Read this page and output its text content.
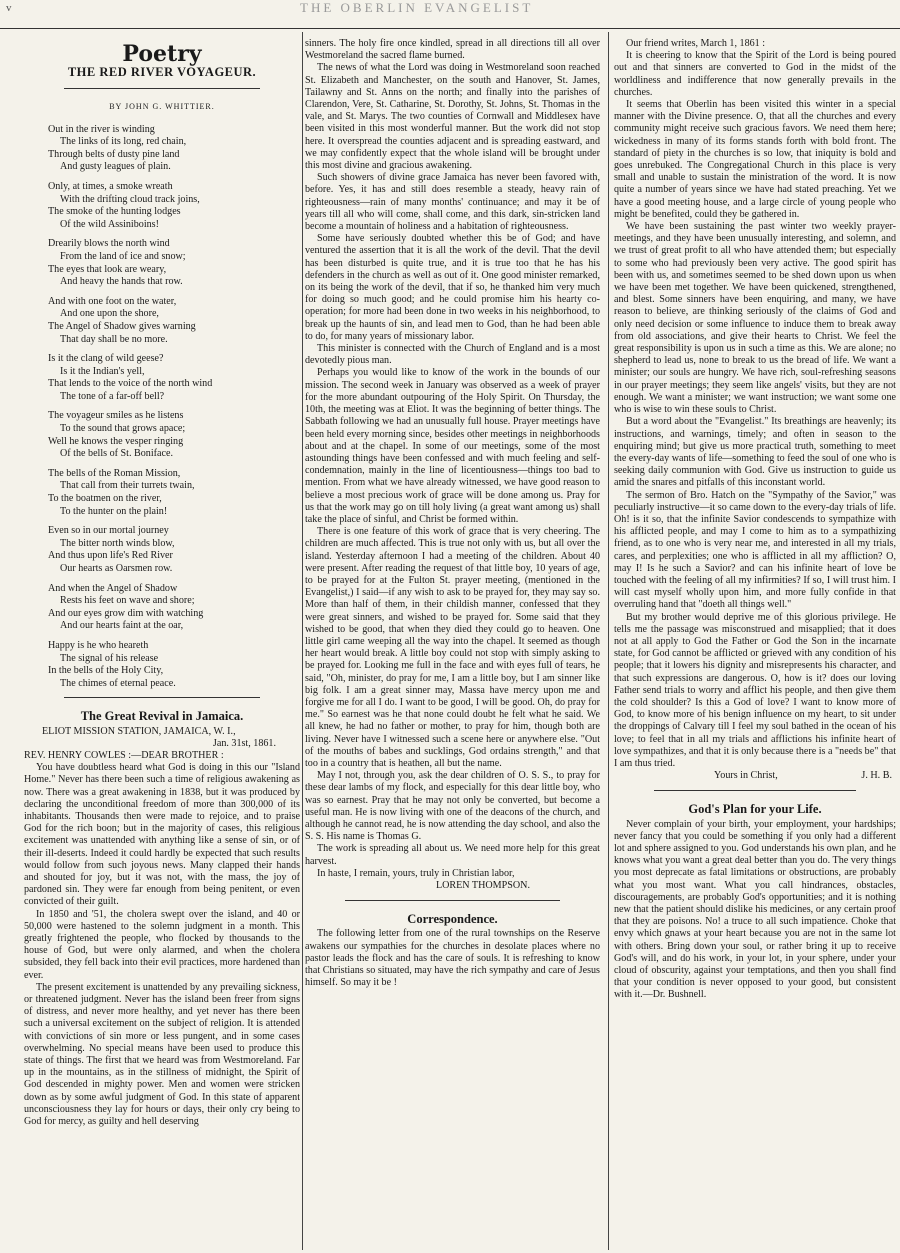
v	THE OBERLIN EVANGELIST
Poetry
THE RED RIVER VOYAGEUR.
BY JOHN G. WHITTIER.
Out in the river is winding
The links of its long, red chain,
Through belts of dusty pine land
And gusty leagues of plain.
Only, at times, a smoke wreath
With the drifting cloud track joins,
The smoke of the hunting lodges
Of the wild Assiniboins!
Drearily blows the north wind
From the land of ice and snow;
The eyes that look are weary,
And heavy the hands that row.
And with one foot on the water,
And one upon the shore,
The Angel of Shadow gives warning
That day shall be no more.
Is it the clang of wild geese?
Is it the Indian's yell,
That lends to the voice of the north wind
The tone of a far-off bell?
The voyageur smiles as he listens
To the sound that grows apace;
Well he knows the vesper ringing
Of the bells of St. Boniface.
The bells of the Roman Mission,
That call from their turrets twain,
To the boatmen on the river,
To the hunter on the plain!
Even so in our mortal journey
The bitter north winds blow,
And thus upon life's Red River
Our hearts as Oarsmen row.
And when the Angel of Shadow
Rests his feet on wave and shore;
And our eyes grow dim with watching
And our hearts faint at the oar,
Happy is he who heareth
The signal of his release
In the bells of the Holy City,
The chimes of eternal peace.
The Great Revival in Jamaica.
ELIOT MISSION STATION, JAMAICA, W. I.,
Jan. 31st, 1861.

REV. HENRY COWLES :—DEAR BROTHER :

You have doubtless heard what God is doing in this our "Island Home." Never has there been such a time of religious awakening as now. There was a great awakening in 1838, but it was produced by declaring the unconditional freedom of more than 300,000 of its inhabitants. Thousands then were made to rejoice, and to praise God for the rich boon; but in the majority of cases, this religious excitement was unattended with anything like a sense of sin, or of their ill-deserts. Indeed it could hardly be expected that such results would follow from such joyous news. Many clapped their hands and shouted for joy, but it was not, with the mass, the joy of pardoned sin. They were far enough from being penitent, or even convicted of their guilt.

In 1850 and '51, the cholera swept over the island, and 40 or 50,000 were hastened to the solemn judgment in a month. This greatly frightened the people, who flocked by thousands to the house of God, but were only alarmed, and when the cholera subsided, they fell back into their evil practices, more hardened than ever.

The present excitement is unattended by any prevailing sickness, or threatened judgment. Never has the island been freer from signs of distress, and never more healthy, and yet never has there been such a universal excitement on the subject of religion. It is attended with convictions of sin more or less pungent, and in some cases overwhelming. No special means have been used to produce this state of things. The first that we heard was from Westmoreland. Far up in the mountains, as in the stillness of midnight, the Spirit of God descended in mighty power. Men and women were stricken down as by some awful judgment of God. In this state of apparent unconsciousness they lay for hours or days, their only cry being to God for mercy, as guilty and hell deserving

sinners. The holy fire once kindled, spread in all directions till all over Westmoreland the sacred flame burned.

The news of what the Lord was doing in Westmoreland soon reached St. Elizabeth and Manchester, on the south and Hanover, St. James, Tailawny and St. Anns on the north; and finally into the parishes of Clarendon, Vere, St. Catharine, St. Dorothy, St. Johns, St. Thomas in the vale, and St. Marys. The two counties of Cornwall and Middlesex have been visited in this most wonderful manner. But the work did not stop here. It overspread the counties adjacent and is spreading eastward, and we may confidently expect that the whole island will be brought under this most divine and gracious awakening.

Such showers of divine grace Jamaica has never been favored with, before. Yes, it has and still does resemble a steady, heavy rain of righteousness—rain of many months' continuance; and may it be of years till all who will come, shall come, and this dark, sin-stricken land become a mountain of holiness and a habitation of righteousness.

Some have seriously doubted whether this be of God; and have ventured the assertion that it is all the work of the devil. That the devil has been disturbed is quite true, and it is true too that he has his defenders in the church as well as out of it. One good minister remarked, on its being the work of the devil, that if so, he thanked him very much for doing so much good; and he could promise him his hearty co-operation; for more had been done in two weeks in his neighborhood, to break up the haunts of sin, and lead men to God, than he had been able to do, for many years of missionary labor.

This minister is connected with the Church of England and is a most devotedly pious man.

Perhaps you would like to know of the work in the bounds of our mission. The second week in January was observed as a week of prayer for the more abundant outpouring of the Holy Spirit. On Thursday, the 10th, the meeting was at Eliot. It was the beginning of better things. The Sabbath following we had an unusually full house. Prayer meetings have been held every morning since, besides other meetings in neighborhoods about and at the chapel. In some of our meetings, some of the most astounding things have been confessed and with much feeling and self-condemnation, mainly in the line of licentiousness—things too bad to mention. From what we have already witnessed, we have good reason to believe a most precious work of grace will be done among us. Pray for us that the work may go on till holy living (a great want among us) shall take the place of sinful, and Christ be formed within.

There is one feature of this work of grace that is very cheering. The children are much affected. This is true not only with us, but all over the island. Yesterday afternoon I had a meeting of the children. About 40 were present. After reading the request of that little boy, 10 years of age, to be prayed for at the Fulton St. prayer meeting, (mentioned in the Evangelist,) I said—if any wish to ask to be prayed for, they may say so. More than half of them, in their childish manner, confessed that they were great sinners, and wished to be prayed for. Some said that they wished to be good, that when they died they could go to heaven. One little girl came weeping all the way into the chapel. It seemed as though her heart would break. A little boy could not stop with simply asking to be prayed for. Looking me full in the face and with eyes full of tears, he said, "Oh, minister, do pray for me, I am a little boy, but I am sinner like big folk. I am a great sinner may, Massa have mercy upon me and forgive me for all I do. I want to be good, I will be good. Oh, do pray for me." So earnest was he that none could doubt he felt what he said. We all knew, he had no father or mother, to pray for him, though both are living. Never have I witnessed such a scene here or anywhere else. "Out of the mouths of babes and sucklings, God ordains strength," and that too in a country that is heathen, all but the name.

May I not, through you, ask the dear children of O. S. S., to pray for these dear lambs of my flock, and especially for this dear little boy, who was so earnest. Pray that he may not only be converted, but become a useful man. He is now living with one of the deacons of the church, and although he cannot read, he is now attending the day school, and also the S. S. His name is Thomas G.

The work is spreading all about us. We need more help for this great harvest.

In haste, I remain, yours, truly in Christian labor,

LOREN THOMPSON.

Correspondence.

The following letter from one of the rural townships on the Reserve awakens our sympathies for the churches in desolate places where no pastor leads the flock and has the care of souls. It is refreshing to know that Christians so situated, may have the rich sympathy and care of Jesus himself. So may it be !

Our friend writes, March 1, 1861 :

It is cheering to know that the Spirit of the Lord is being poured out and that sinners are converted to God in the midst of the worldliness and indifference that now generally prevails in the churches.

It seems that Oberlin has been visited this winter in a special manner with the Divine presence. O, that all the churches and every community might receive such gracious favors. We need them here; wickedness in many of its forms stands forth with bold front. The standard of piety in the churches is so low, that iniquity is bold and goes unrebuked. The Congregational Church in this place is very small and unable to sustain the ministration of the word. It is now quite a number of years since we have had stated preaching. Yet we have a good meeting house, and a large circle of young people who might be benefited, could they be gathered in.

We have been sustaining the past winter two weekly prayer-meetings, and they have been unusually interesting, and solemn, and we trust of great profit to all who have attended them; but especially to some who had previously been very active. The good spirit has been with us, and sometimes seemed to be shed down upon us when we have been met together. We have been quickened, strengthened, and blest. Some sinners have been enquiring, and many, we have reason to believe, are thinking seriously of the claims of God and only need decision or some influence to induce them to break away from old associations, and give their hearts to Christ. We feel the great responsibility is upon us in such a time as this. We are alone; no shepherd to lead us, none to break to us the bread of life. We want a minister; our souls are hungry. We have rich, soul-refreshing seasons in our prayer meetings; they seem like angels' visits, but they are not enough. We want a minister; we want instruction; we want some one who is wise to win these souls to Christ.

But a word about the "Evangelist." Its breathings are heavenly; its instructions, and warnings, timely; and often in season to the enquiring mind; but give us more practical truth, something to meet the every-day wants of life—something to feed the soul of one who is seeking daily communion with God. Give us instruction to guide us amid the snares and pitfalls of this inconstant world.

The sermon of Bro. Hatch on the "Sympathy of the Savior," was peculiarly instructive—it so came down to the every-day trials of life. Oh! is it so, that the infinite Savior condescends to sympathize with his afflicted people, and may I come to him as to a sympathizing friend, as to one who is very near me, and interested in all my trials, cares, and perplexities; one who is afflicted in all my affliction? O, may I! Is he such a Savior? and can his infinite heart of love be touched with the feeling of all my infirmities? If so, I will trust him. I will cast myself wholly upon him, and more fully confide in that overruling hand that "doeth all things well."

But my brother would deprive me of this glorious privilege. He tells me the passage was misconstrued and misapplied; that it does not at all apply to God the Father or God the Son in the incarnate state, for God cannot be afflicted or grieved with any condition of his people; that it lowers his dignity and misrepresents his character, and that such expressions are dangerous. O, how is it? does our loving Father send trials to worry and afflict his people, and then give them the cold shoulder? Is this a God of love? I want to know more of God, to know more of his benign influence on my heart, to sit under the droppings of Calvary till I feel my soul bathed in the ocean of his love; to feel that in all my trials and afflictions his infinite heart of love sympathizes, and that it is only because there is a "needs be" that I am thus tried.

Yours in Christ,	J. H. B.
God's Plan for your Life.

Never complain of your birth, your employment, your hardships; never fancy that you could be something if you only had a different lot and sphere assigned to you. God understands his own plan, and he knows what you want a great deal better than you do. The very things you most deprecate as fatal limitations or obstructions, are probably what you most want. What you call hindrances, obstacles, discouragements, are probably God's opportunities; and it is nothing new that the patient should dislike his medicines, or any certain proof that they are poisons. No! a truce to all such impatience. Choke that envy which gnaws at your heart because you are not in the same lot with others. Bring down your soul, or rather bring it up to receive God's will, and do his work, in your lot, in your sphere, under your cloud of obscurity, against your temptations, and then you shall find that your condition is never opposed to your good, but consistent with it.—Dr. Bushnell.
